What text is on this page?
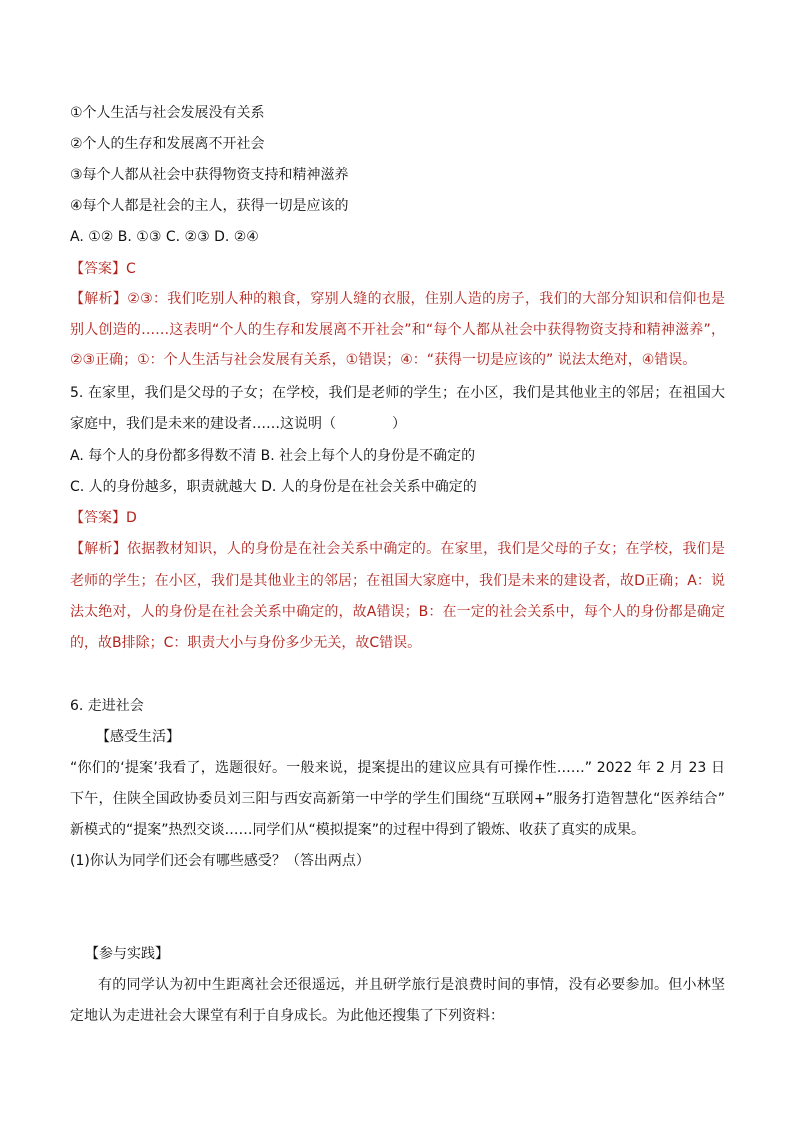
①个人生活与社会发展没有关系
②个人的生存和发展离不开社会
③每个人都从社会中获得物资支持和精神滋养
④每个人都是社会的主人，获得一切是应该的
A. ①② B. ①③ C. ②③ D. ②④
【答案】C
【解析】②③：我们吃别人种的粮食，穿别人缝的衣服，住别人造的房子，我们的大部分知识和信仰也是
别人创造的……这表明“个人的生存和发展离不开社会”和“每个人都从社会中获得物资支持和精神滋养”，
②③正确；①：个人生活与社会发展有关系，①错误；④：“获得一切是应该的” 说法太绝对，④错误。
5. 在家里，我们是父母的子女；在学校，我们是老师的学生；在小区，我们是其他业主的邻居；在祖国大
家庭中，我们是未来的建设者……这说明（	）
A. 每个人的身份都多得数不清 B. 社会上每个人的身份是不确定的
C. 人的身份越多，职责就越大 D. 人的身份是在社会关系中确定的
【答案】D
【解析】依据教材知识，人的身份是在社会关系中确定的。在家里，我们是父母的子女；在学校，我们是
老师的学生；在小区，我们是其他业主的邻居；在祖国大家庭中，我们是未来的建设者，故D正确；A：说
法太绝对，人的身份是在社会关系中确定的，故A错误；B：在一定的社会关系中，每个人的身份都是确定
的，故B排除；C：职责大小与身份多少无关，故C错误。
6. 走进社会
【感受生活】
“你们的‘提案’我看了，选题很好。一般来说，提案提出的建议应具有可操作性……” 2022 年 2 月 23 日
下午，住陕全国政协委员刘三阳与西安高新第一中学的学生们围绕“互联网+”服务打造智慧化“医养结合”
新模式的“提案”热烈交谈……同学们从“模拟提案”的过程中得到了锻炼、收获了真实的成果。
(1)你认为同学们还会有哪些感受？（答出两点）
【参与实践】
有的同学认为初中生距离社会还很遥远，并且研学旅行是浪费时间的事情，没有必要参加。但小林坚
定地认为走进社会大课堂有利于自身成长。为此他还搜集了下列资料：
